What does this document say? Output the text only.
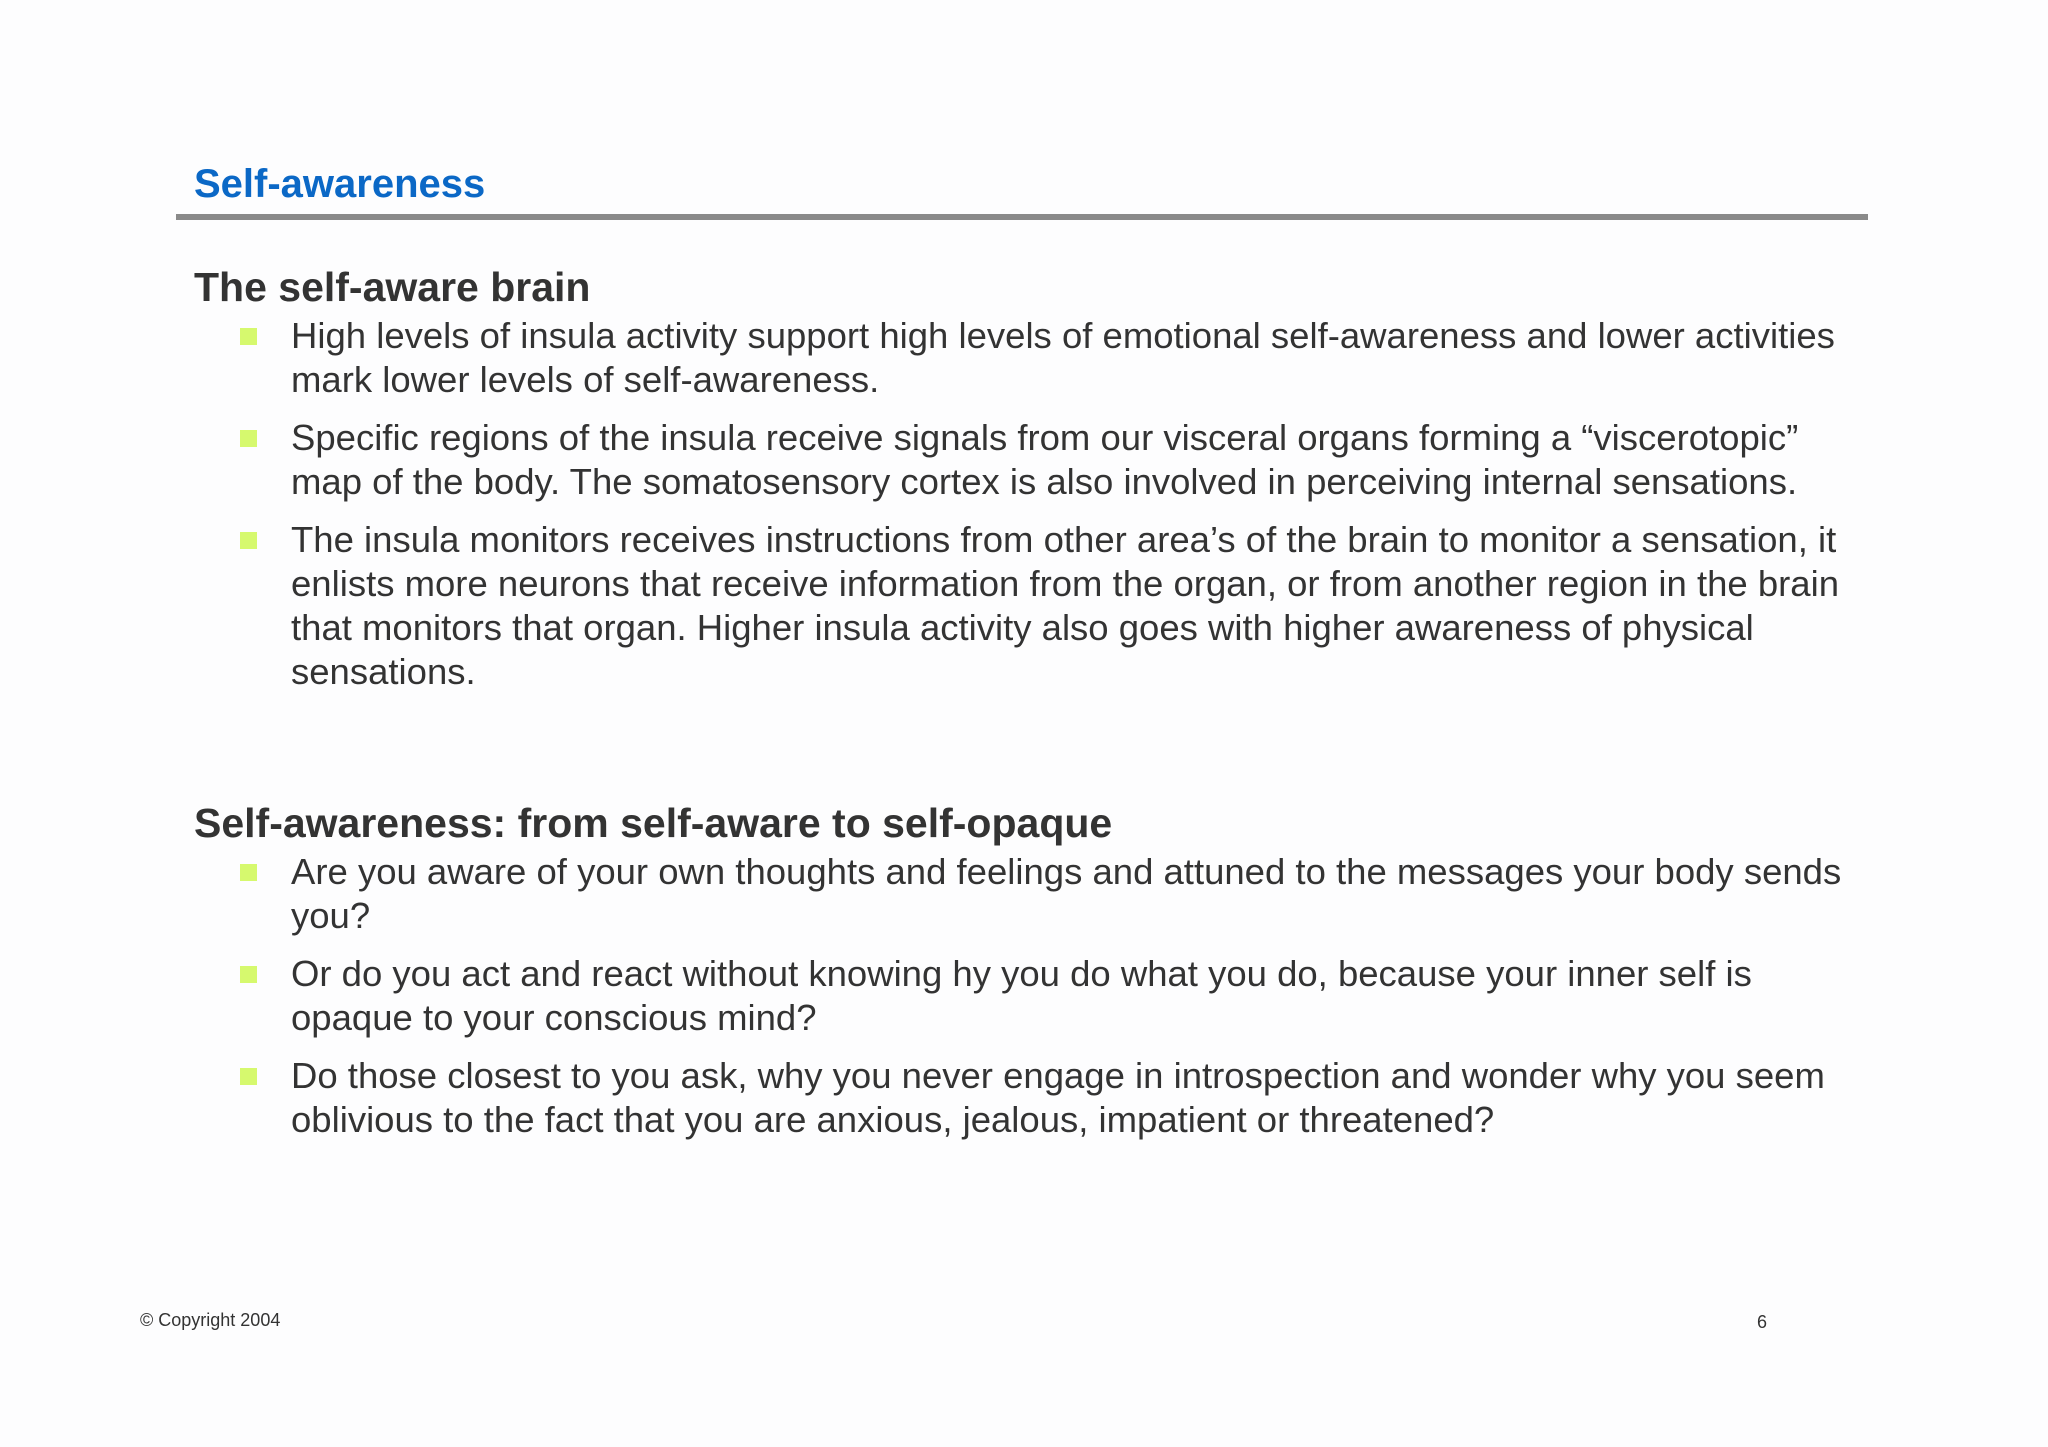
Self-awareness
The self-aware brain
High levels of insula activity support high levels of emotional self-awareness and lower activities mark lower levels of self-awareness.
Specific regions of the insula receive signals from our visceral organs forming a “viscerotopic” map of the body. The somatosensory cortex is also involved in perceiving internal sensations.
The insula monitors receives instructions from other area’s of the brain to monitor a sensation, it enlists more neurons that receive information from the organ, or from another region in the brain that monitors that organ. Higher insula activity also goes with higher awareness of physical sensations.
Self-awareness: from self-aware to self-opaque
Are you aware of your own thoughts and feelings and attuned to the messages your body sends you?
Or do you act and react without knowing hy you do what you do, because your inner self is opaque to your conscious mind?
Do those closest to you ask, why you never engage in introspection and wonder why you seem oblivious to the fact that you are anxious, jealous, impatient or threatened?
© Copyright 2004	6
